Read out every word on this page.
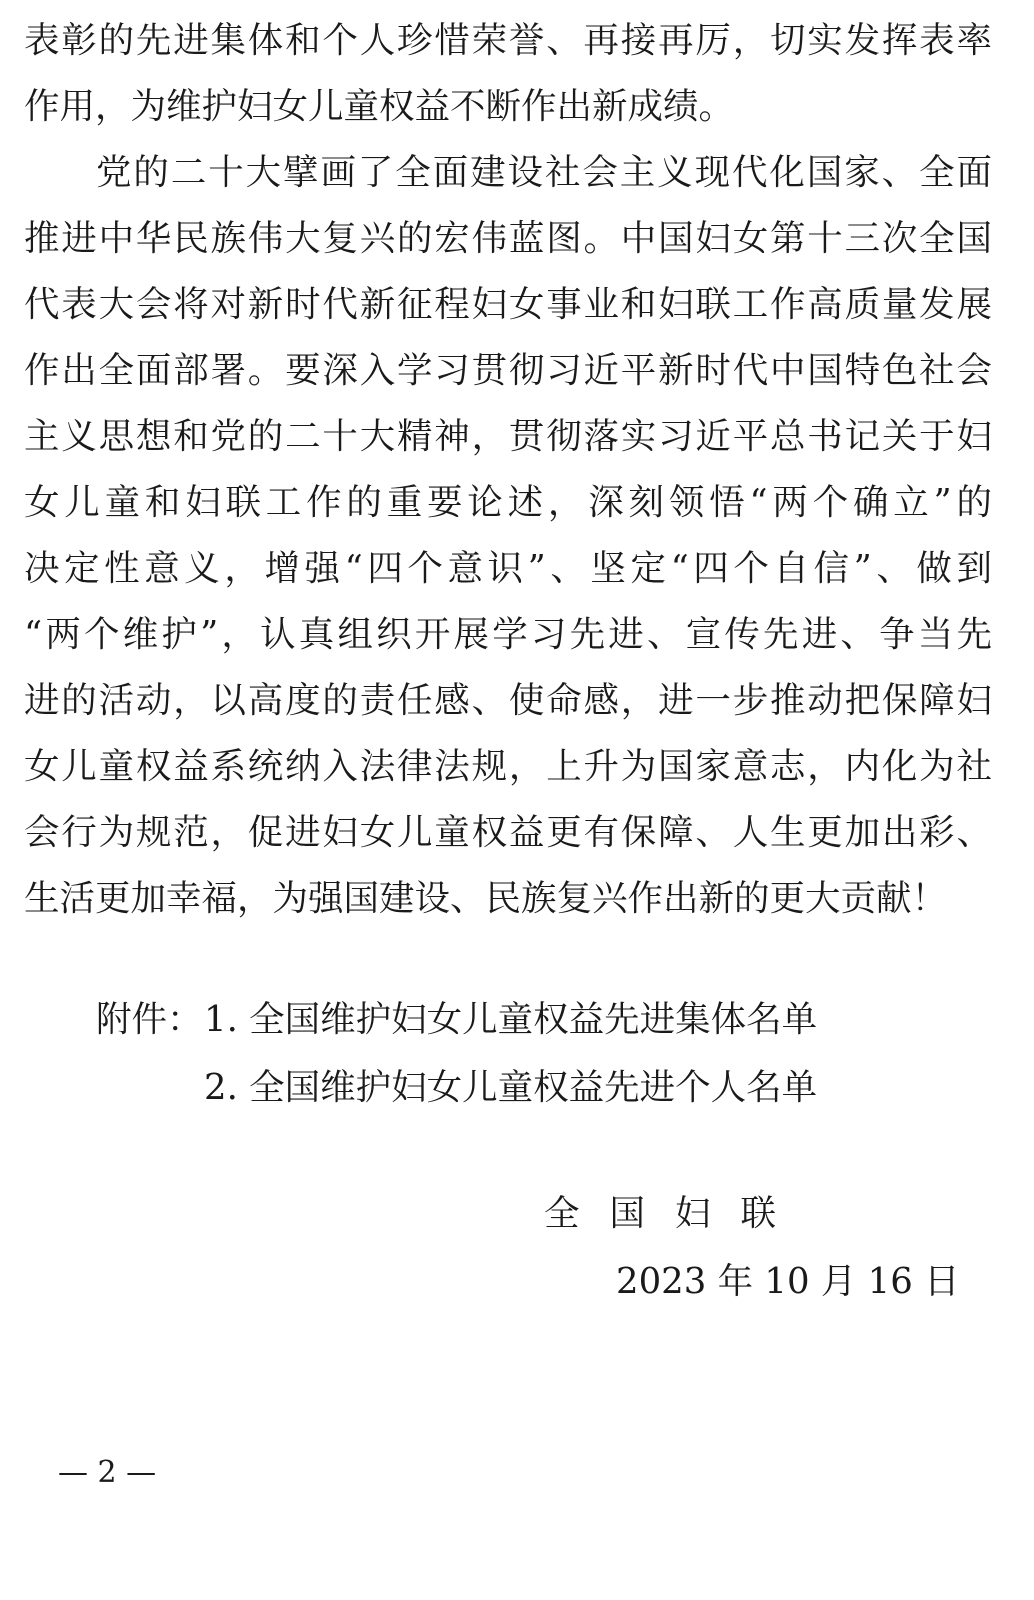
表彰的先进集体和个人珍惜荣誉、再接再厉，切实发挥表率
作用，为维护妇女儿童权益不断作出新成绩。
党的二十大擘画了全面建设社会主义现代化国家、全面
推进中华民族伟大复兴的宏伟蓝图。中国妇女第十三次全国
代表大会将对新时代新征程妇女事业和妇联工作高质量发展
作出全面部署。要深入学习贯彻习近平新时代中国特色社会
主义思想和党的二十大精神，贯彻落实习近平总书记关于妇
女儿童和妇联工作的重要论述，深刻领悟“两个确立”的
决定性意义，增强“四个意识”、坚定“四个自信”、做到
“两个维护”，认真组织开展学习先进、宣传先进、争当先
进的活动，以高度的责任感、使命感，进一步推动把保障妇
女儿童权益系统纳入法律法规，上升为国家意志，内化为社
会行为规范，促进妇女儿童权益更有保障、人生更加出彩、
生活更加幸福，为强国建设、民族复兴作出新的更大贡献！
附件： 1. 全国维护妇女儿童权益先进集体名单
2. 全国维护妇女儿童权益先进个人名单
全国妇联
2023 年 10 月 16 日
— 2 —
